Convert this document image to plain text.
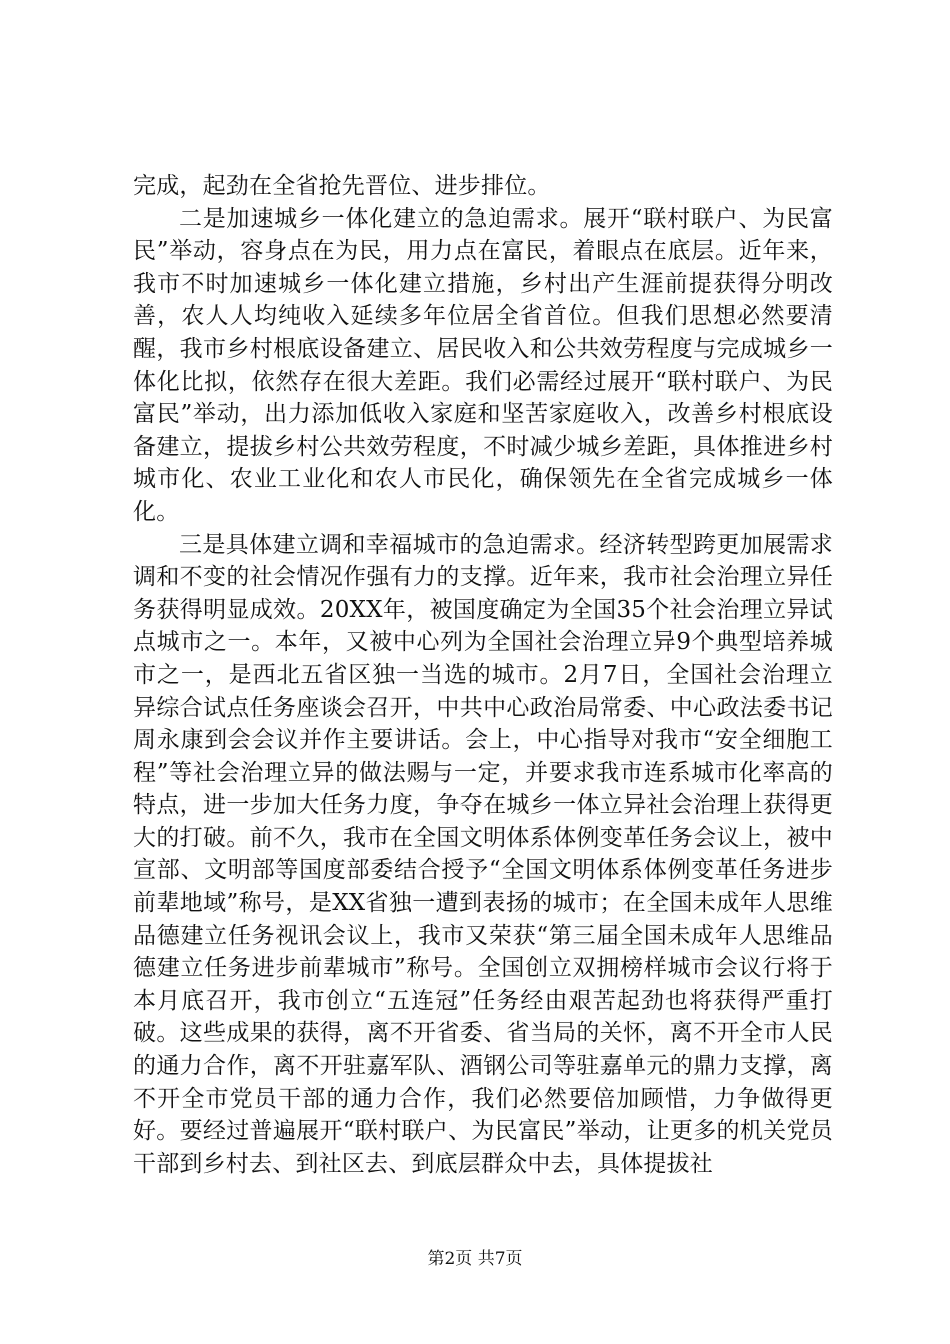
完成，起劲在全省抢先晋位、进步排位。

二是加速城乡一体化建立的急迫需求。展开“联村联户、为民富民”举动，容身点在为民，用力点在富民，着眼点在底层。近年来，我市不时加速城乡一体化建立措施，乡村出产生涯前提获得分明改善，农人人均纯收入延续多年位居全省首位。但我们思想必然要清醒，我市乡村根底设备建立、居民收入和公共效劳程度与完成城乡一体化比拟，依然存在很大差距。我们必需经过展开“联村联户、为民富民”举动，出力添加低收入家庭和坚苦家庭收入，改善乡村根底设备建立，提拔乡村公共效劳程度，不时减少城乡差距，具体推进乡村城市化、农业工业化和农人市民化，确保领先在全省完成城乡一体化。

三是具体建立调和幸福城市的急迫需求。经济转型跨更加展需求调和不变的社会情况作强有力的支撑。近年来，我市社会治理立异任务获得明显成效。20XX年，被国度确定为全国35个社会治理立异试点城市之一。本年，又被中心列为全国社会治理立异9个典型培养城市之一，是西北五省区独一当选的城市。2月7日，全国社会治理立异综合试点任务座谈会召开，中共中心政治局常委、中心政法委书记周永康到会会议并作主要讲话。会上，中心指导对我市“安全细胞工程”等社会治理立异的做法赐与一定，并要求我市连系城市化率高的特点，进一步加大任务力度，争夺在城乡一体立异社会治理上获得更大的打破。前不久，我市在全国文明体系体例变革任务会议上，被中宣部、文明部等国度部委结合授予“全国文明体系体例变革任务进步前辈地域”称号，是XX省独一遭到表扬的城市；在全国未成年人思维品德建立任务视讯会议上，我市又荣获“第三届全国未成年人思维品德建立任务进步前辈城市”称号。全国创立双拥榜样城市会议行将于本月底召开，我市创立“五连冠”任务经由艰苦起劲也将获得严重打破。这些成果的获得，离不开省委、省当局的关怀，离不开全市人民的通力合作，离不开驻嘉军队、酒钢公司等驻嘉单元的鼎力支撑，离不开全市党员干部的通力合作，我们必然要倍加顾惜，力争做得更好。要经过普遍展开“联村联户、为民富民”举动，让更多的机关党员干部到乡村去、到社区去、到底层群众中去，具体提拔社

第2页 共7页
